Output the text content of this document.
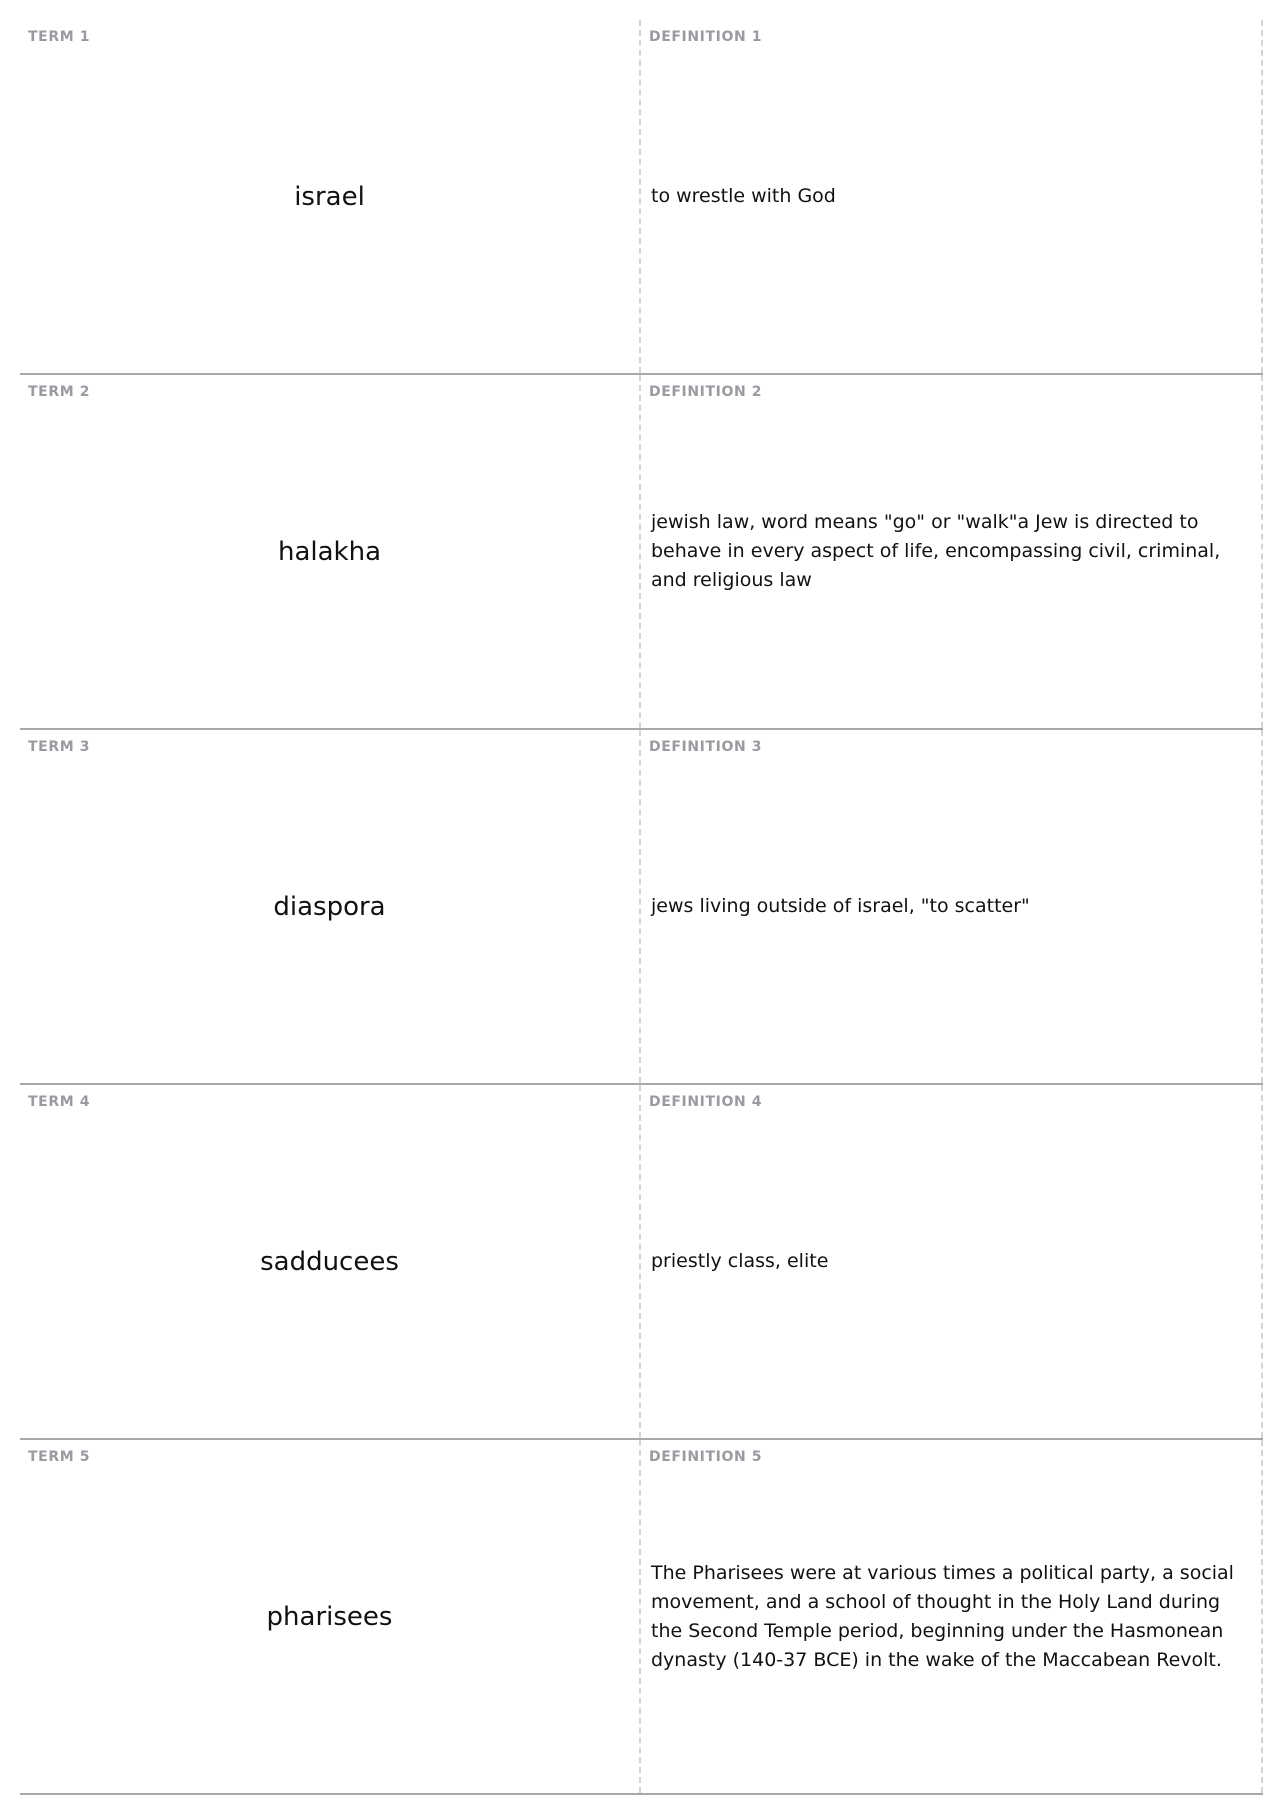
TERM 1
israel
DEFINITION 1
to wrestle with God
TERM 2
halakha
DEFINITION 2
jewish law, word means "go" or "walk"a Jew is directed to behave in every aspect of life, encompassing civil, criminal, and religious law
TERM 3
diaspora
DEFINITION 3
jews living outside of israel, "to scatter"
TERM 4
sadducees
DEFINITION 4
priestly class, elite
TERM 5
pharisees
DEFINITION 5
The Pharisees were at various times a political party, a social movement, and a school of thought in the Holy Land during the Second Temple period, beginning under the Hasmonean dynasty (140-37 BCE) in the wake of the Maccabean Revolt.
